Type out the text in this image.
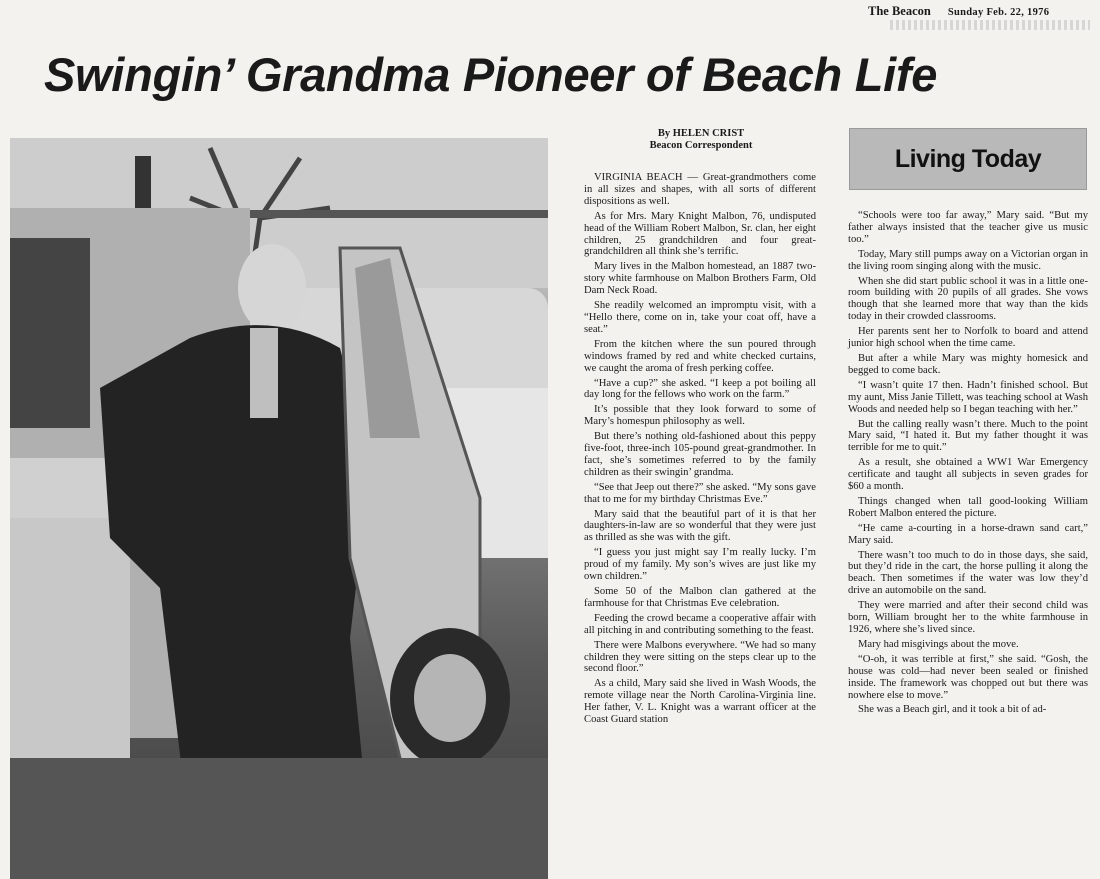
The Beacon Sunday Feb. 22, 1976
Swingin’ Grandma Pioneer of Beach Life
By HELEN CRIST
Beacon Correspondent

VIRGINIA BEACH — Great-grandmothers come in all sizes and shapes, with all sorts of different dispositions as well.

As for Mrs. Mary Knight Malbon, 76, undisputed head of the William Robert Malbon, Sr. clan, her eight children, 25 grandchildren and four great-grandchildren all think she’s terrific.

Mary lives in the Malbon homestead, an 1887 two-story white farmhouse on Malbon Brothers Farm, Old Dam Neck Road.

She readily welcomed an impromptu visit, with a “Hello there, come on in, take your coat off, have a seat.”

From the kitchen where the sun poured through windows framed by red and white checked curtains, we caught the aroma of fresh perking coffee.

“Have a cup?” she asked. “I keep a pot boiling all day long for the fellows who work on the farm.”

It’s possible that they look forward to some of Mary’s homespun philosophy as well.

But there’s nothing old-fashioned about this peppy five-foot, three-inch 105-pound great-grandmother. In fact, she’s sometimes referred to by the family children as their swingin’ grandma.

“See that Jeep out there?” she asked. “My sons gave that to me for my birthday Christmas Eve.”

Mary said that the beautiful part of it is that her daughters-in-law are so wonderful that they were just as thrilled as she was with the gift.

“I guess you just might say I’m really lucky. I’m proud of my family. My son’s wives are just like my own children.”

Some 50 of the Malbon clan gathered at the farmhouse for that Christmas Eve celebration.

Feeding the crowd became a cooperative affair with all pitching in and contributing something to the feast.

There were Malbons everywhere. “We had so many children they were sitting on the steps clear up to the second floor.”

As a child, Mary said she lived in Wash Woods, the remote village near the North Carolina-Virginia line. Her father, V. L. Knight was a warrant officer at the Coast Guard station

Living Today

“Schools were too far away,” Mary said. “But my father always insisted that the teacher give us music too.”

Today, Mary still pumps away on a Victorian organ in the living room singing along with the music.

When she did start public school it was in a little one-room building with 20 pupils of all grades. She vows though that she learned more that way than the kids today in their crowded classrooms.

Her parents sent her to Norfolk to board and attend junior high school when the time came.

But after a while Mary was mighty homesick and begged to come back.

“I wasn’t quite 17 then. Hadn’t finished school. But my aunt, Miss Janie Tillett, was teaching school at Wash Woods and needed help so I began teaching with her.”

But the calling really wasn’t there. Much to the point Mary said, “I hated it. But my father thought it was terrible for me to quit.”

As a result, she obtained a WW1 War Emergency certificate and taught all subjects in seven grades for $60 a month.

Things changed when tall good-looking William Robert Malbon entered the picture.

“He came a-courting in a horse-drawn sand cart,” Mary said.

There wasn’t too much to do in those days, she said, but they’d ride in the cart, the horse pulling it along the beach. Then sometimes if the water was low they’d drive an automobile on the sand.

They were married and after their second child was born, William brought her to the white farmhouse in 1926, where she’s lived since.

Mary had misgivings about the move.

“O-oh, it was terrible at first,” she said. “Gosh, the house was cold—had never been sealed or finished inside. The framework was chopped out but there was nowhere else to move.”

She was a Beach girl, and it took a bit of ad-
